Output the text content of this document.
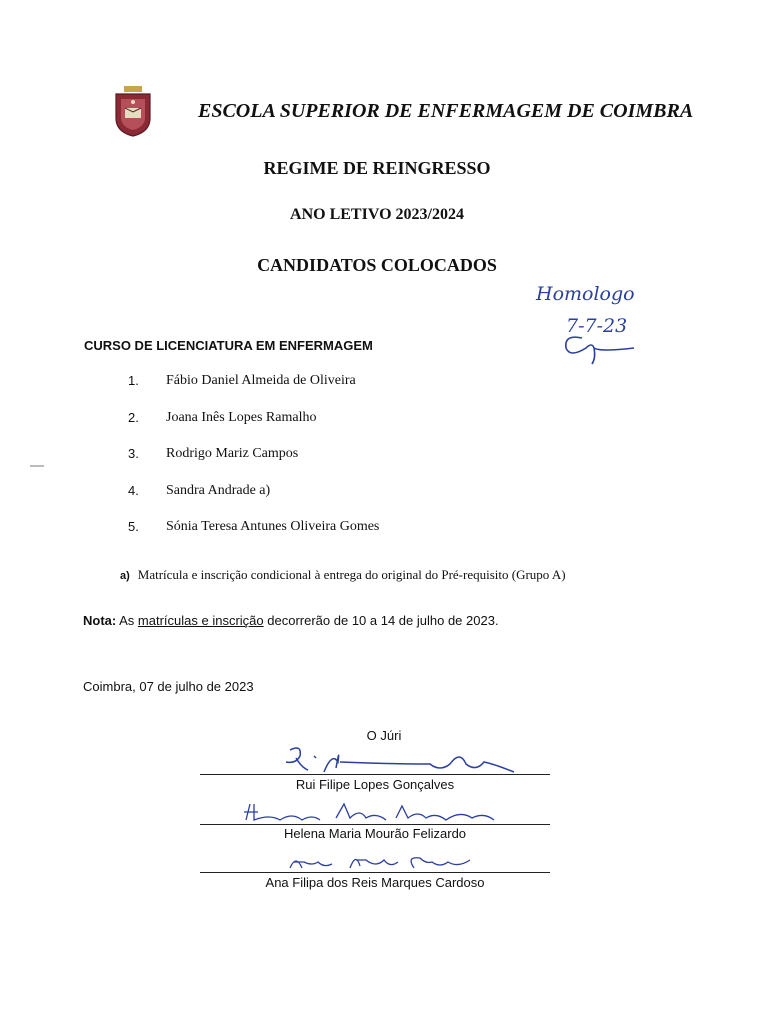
ESCOLA SUPERIOR DE ENFERMAGEM DE COIMBRA
REGIME DE REINGRESSO
ANO LETIVO 2023/2024
CANDIDATOS COLOCADOS
Homologo
7-7-23
CURSO DE LICENCIATURA EM ENFERMAGEM
1. Fábio Daniel Almeida de Oliveira
2. Joana Inês Lopes Ramalho
3. Rodrigo Mariz Campos
4. Sandra Andrade a)
5. Sónia Teresa Antunes Oliveira Gomes
a) Matrícula e inscrição condicional à entrega do original do Pré-requisito (Grupo A)
Nota: As matrículas e inscrição decorrerão de 10 a 14 de julho de 2023.
Coimbra, 07 de julho de 2023
O Júri
Rui Filipe Lopes Gonçalves
Helena Maria Mourão Felizardo
Ana Filipa dos Reis Marques Cardoso
